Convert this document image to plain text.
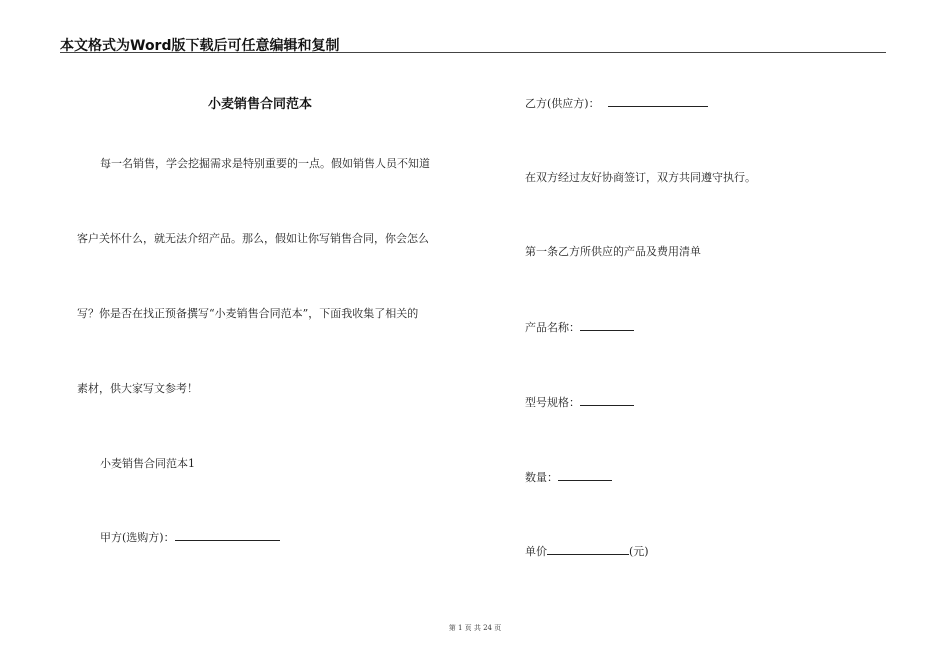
本文格式为Word版下载后可任意编辑和复制
小麦销售合同范本
每一名销售，学会挖掘需求是特别重要的一点。假如销售人员不知道
客户关怀什么，就无法介绍产品。那么，假如让你写销售合同，你会怎么
写？你是否在找正预备撰写“小麦销售合同范本”，下面我收集了相关的
素材，供大家写文参考！
小麦销售合同范本1
甲方(选购方)：
乙方(供应方)：
在双方经过友好协商签订，双方共同遵守执行。
第一条乙方所供应的产品及费用清单
产品名称：
型号规格：
数量：
单价	(元)
第 1 页 共 24 页
